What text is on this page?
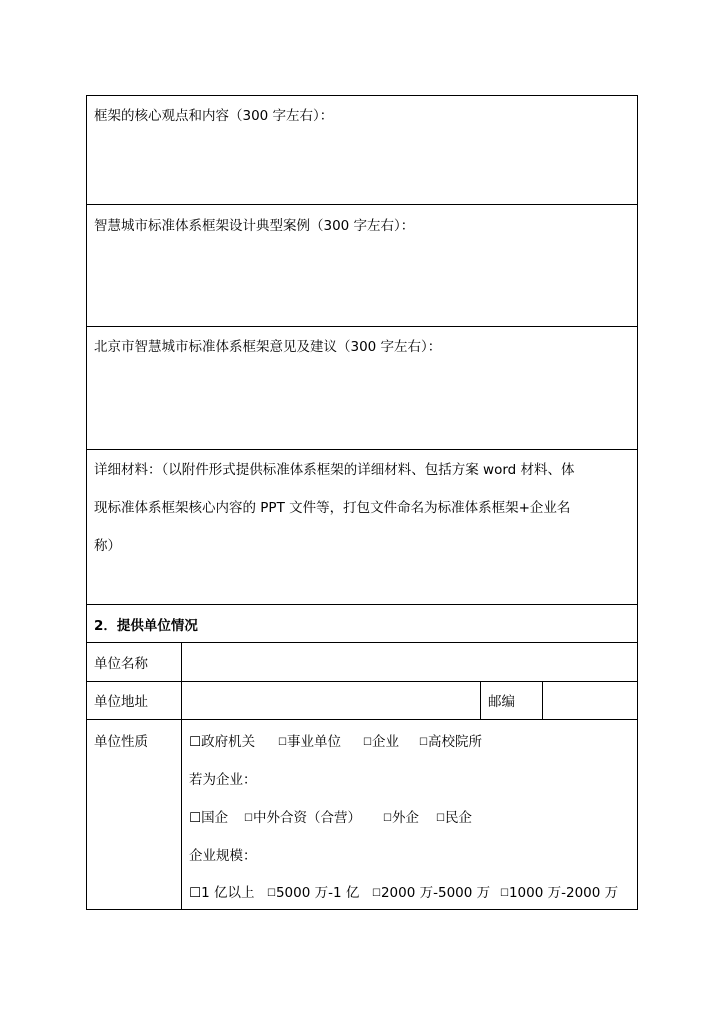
框架的核心观点和内容（300 字左右）：
智慧城市标准体系框架设计典型案例（300 字左右）：
北京市智慧城市标准体系框架意见及建议（300 字左右）：
详细材料：（以附件形式提供标准体系框架的详细材料、包括方案 word 材料、体
现标准体系框架核心内容的 PPT 文件等，打包文件命名为标准体系框架+企业名
称）
2．提供单位情况
单位名称
单位地址	邮编
单位性质	☐政府机关 ☐事业单位 ☐企业 ☐高校院所
若为企业：
☐国企 ☐中外合资（合营） ☐外企 ☐民企
企业规模：
☐1 亿以上 ☐5000 万-1 亿 ☐2000 万-5000 万 ☐1000 万-2000 万
